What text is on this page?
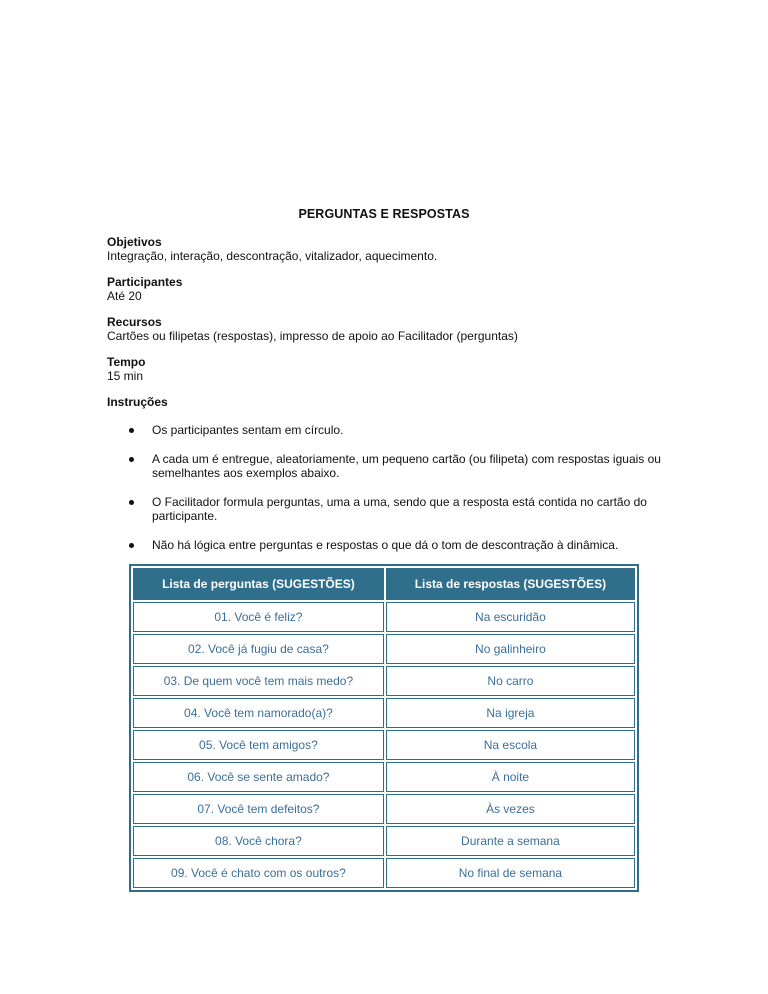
PERGUNTAS E RESPOSTAS
Objetivos
Integração, interação, descontração, vitalizador, aquecimento.
Participantes
Até 20
Recursos
Cartões ou filipetas (respostas), impresso de apoio ao Facilitador (perguntas)
Tempo
15 min
Instruções
Os participantes sentam em círculo.
A cada um é entregue, aleatoriamente, um pequeno cartão (ou filipeta) com respostas iguais ou semelhantes aos exemplos abaixo.
O Facilitador formula perguntas, uma a uma, sendo que a resposta está contida no cartão do participante.
Não há lógica entre perguntas e respostas o que dá o tom de descontração à dinâmica.
Lista de perguntas (SUGESTÕES)	Lista de respostas (SUGESTÕES)
01. Você é feliz?	Na escuridão
02. Você já fugiu de casa?	No galinheiro
03. De quem você tem mais medo?	No carro
04. Você tem namorado(a)?	Na igreja
05. Você tem amigos?	Na escola
06. Você se sente amado?	À noite
07. Você tem defeitos?	Às vezes
08. Você chora?	Durante a semana
09. Você é chato com os outros?	No final de semana
